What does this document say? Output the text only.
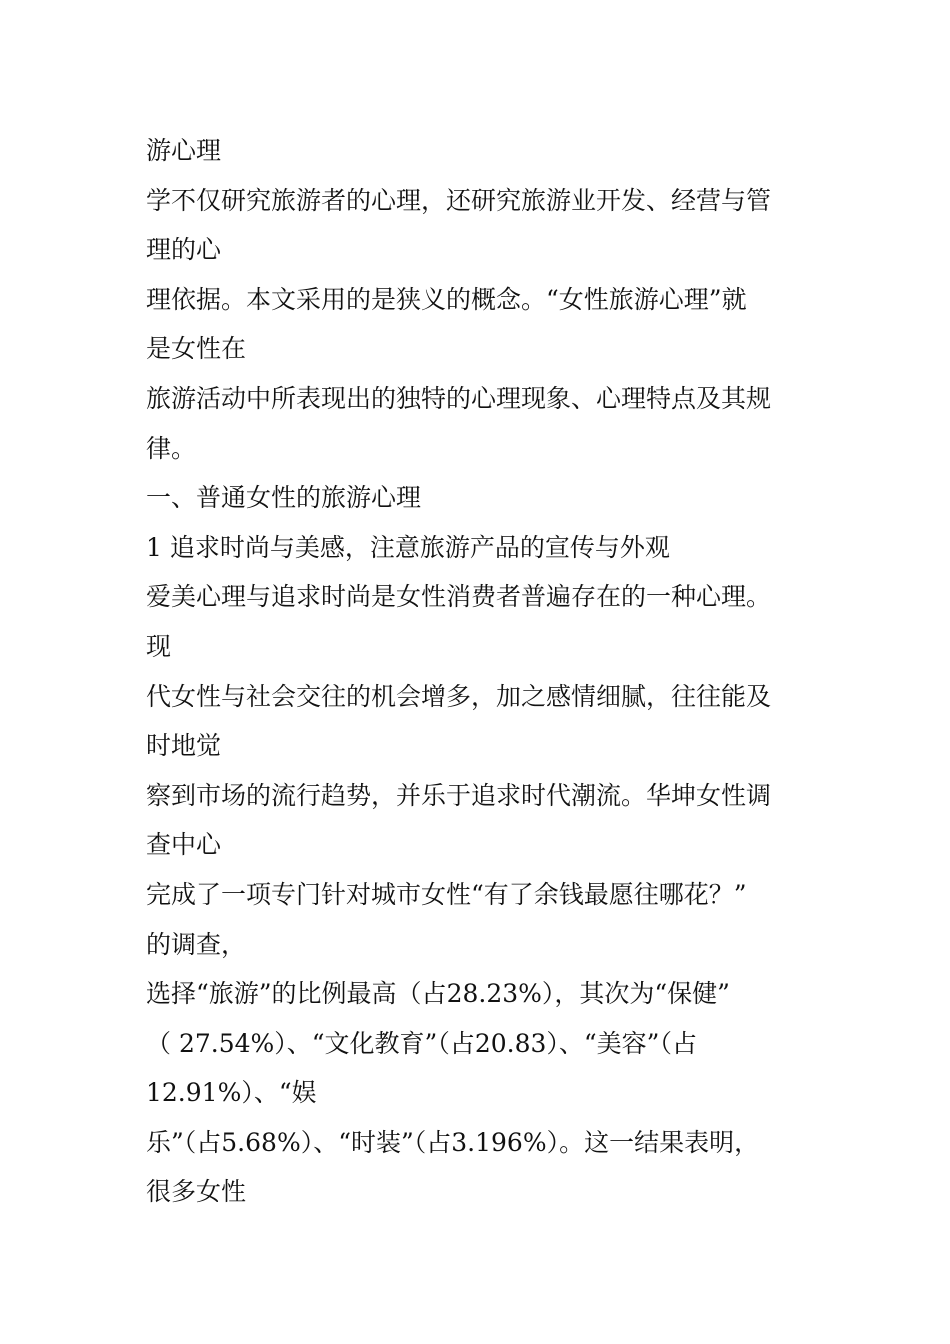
游心理
学不仅研究旅游者的心理，还研究旅游业开发、经营与管
理的心
理依据。本文采用的是狭义的概念。“女性旅游心理”就
是女性在
旅游活动中所表现出的独特的心理现象、心理特点及其规
律。
一、普通女性的旅游心理
1 追求时尚与美感，注意旅游产品的宣传与外观
爱美心理与追求时尚是女性消费者普遍存在的一种心理。
现
代女性与社会交往的机会增多，加之感情细腻，往往能及
时地觉
察到市场的流行趋势，并乐于追求时代潮流。华坤女性调
查中心
完成了一项专门针对城市女性“有了余钱最愿往哪花？”
的调查，
选择“旅游”的比例最高（占28.23%），其次为“保健”
（ 27.54%）、“文化教育”（占20.83）、“美容”（占
12.91%）、“娱
乐”（占5.68%）、“时装”（占3.196%）。这一结果表明，
很多女性
